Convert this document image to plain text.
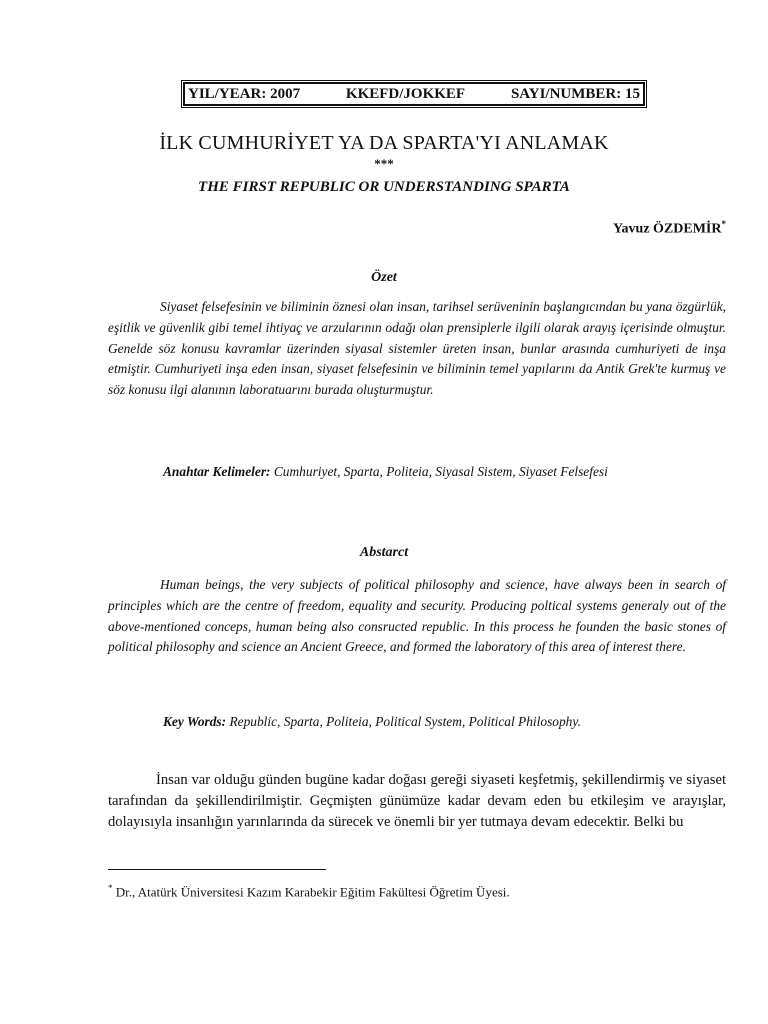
YIL/YEAR: 2007	KKEFD/JOKKEF	SAYI/NUMBER: 15
İLK CUMHURİYET YA DA SPARTA'YI ANLAMAK
***
THE FIRST REPUBLIC OR UNDERSTANDING SPARTA
Yavuz ÖZDEMİR*
Özet

Siyaset felsefesinin ve biliminin öznesi olan insan, tarihsel serüveninin başlangıcından bu yana özgürlük, eşitlik ve güvenlik gibi temel ihtiyaç ve arzularının odağı olan prensiplerle ilgili olarak arayış içerisinde olmuştur. Genelde söz konusu kavramlar üzerinden siyasal sistemler üreten insan, bunlar arasında cumhuriyeti de inşa etmiştir. Cumhuriyeti inşa eden insan, siyaset felsefesinin ve biliminin temel yapılarını da Antik Grek'te kurmuş ve söz konusu ilgi alanının laboratuarını burada oluşturmuştur.

Anahtar Kelimeler: Cumhuriyet, Sparta, Politeia, Siyasal Sistem, Siyaset Felsefesi

Abstarct

Human beings, the very subjects of political philosophy and science, have always been in search of principles which are the centre of freedom, equality and security. Producing poltical systems generaly out of the above-mentioned conceps, human being also consructed republic. In this process he founden the basic stones of political philosophy and science an Ancient Greece, and formed the laboratory of this area of interest there.

Key Words: Republic, Sparta, Politeia, Political System, Political Philosophy.

İnsan var olduğu günden bugüne kadar doğası gereği siyaseti keşfetmiş, şekillendirmiş ve siyaset tarafından da şekillendirilmiştir. Geçmişten günümüze kadar devam eden bu etkileşim ve arayışlar, dolayısıyla insanlığın yarınlarında da sürecek ve önemli bir yer tutmaya devam edecektir. Belki bu

* Dr., Atatürk Üniversitesi Kazım Karabekir Eğitim Fakültesi Öğretim Üyesi.
